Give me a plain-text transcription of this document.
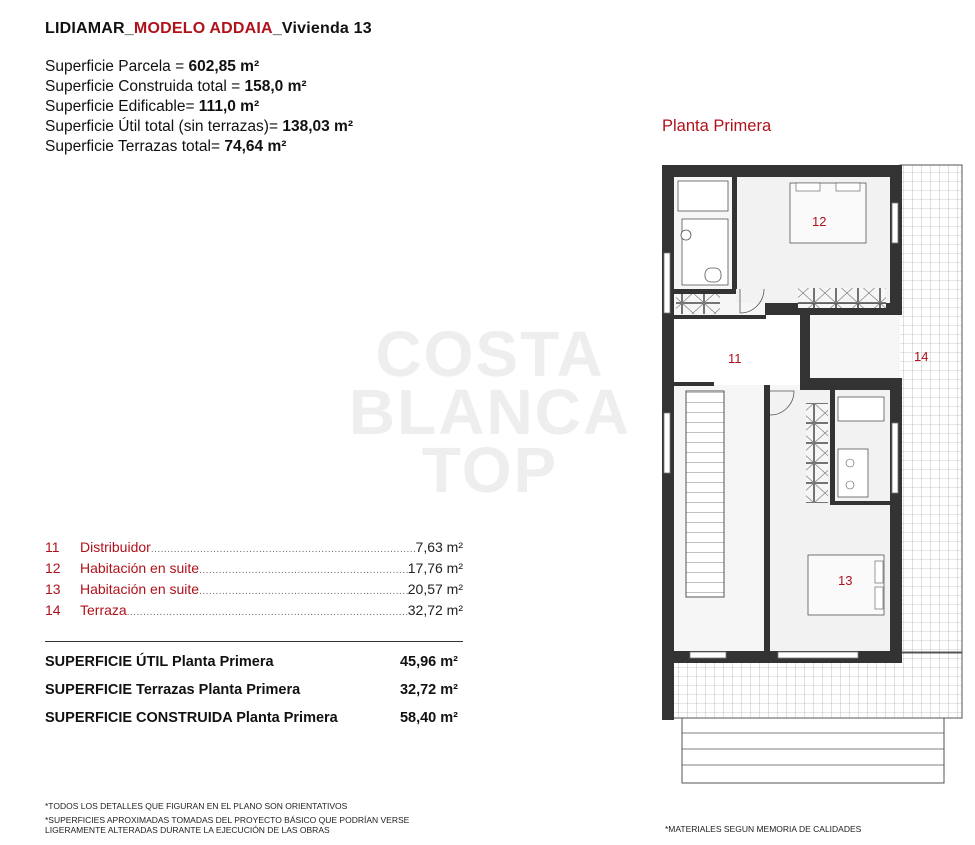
LIDIAMAR_MODELO ADDAIA_Vivienda 13
Superficie Parcela = 602,85 m²
Superficie Construida total = 158,0 m²
Superficie Edificable= 111,0 m²
Superficie Útil total (sin terrazas)= 138,03 m²
Superficie Terrazas total= 74,64 m²
COSTA
BLANCA
TOP
11	Distribuidor .....	7,63 m²
12	Habitación en suite .....	17,76 m²
13	Habitación en suite .....	20,57 m²
14	Terraza .....	32,72 m²
SUPERFICIE ÚTIL Planta Primera	45,96 m²
SUPERFICIE Terrazas Planta Primera	32,72 m²
SUPERFICIE CONSTRUIDA Planta Primera	58,40 m²
*TODOS LOS DETALLES QUE FIGURAN EN EL PLANO SON ORIENTATIVOS
*SUPERFICIES APROXIMADAS TOMADAS DEL PROYECTO BÁSICO QUE PODRÍAN VERSE
LIGERAMENTE ALTERADAS DURANTE LA EJECUCIÓN DE LAS OBRAS	*MATERIALES SEGUN MEMORIA DE CALIDADES
Planta Primera
11
12
13
14
